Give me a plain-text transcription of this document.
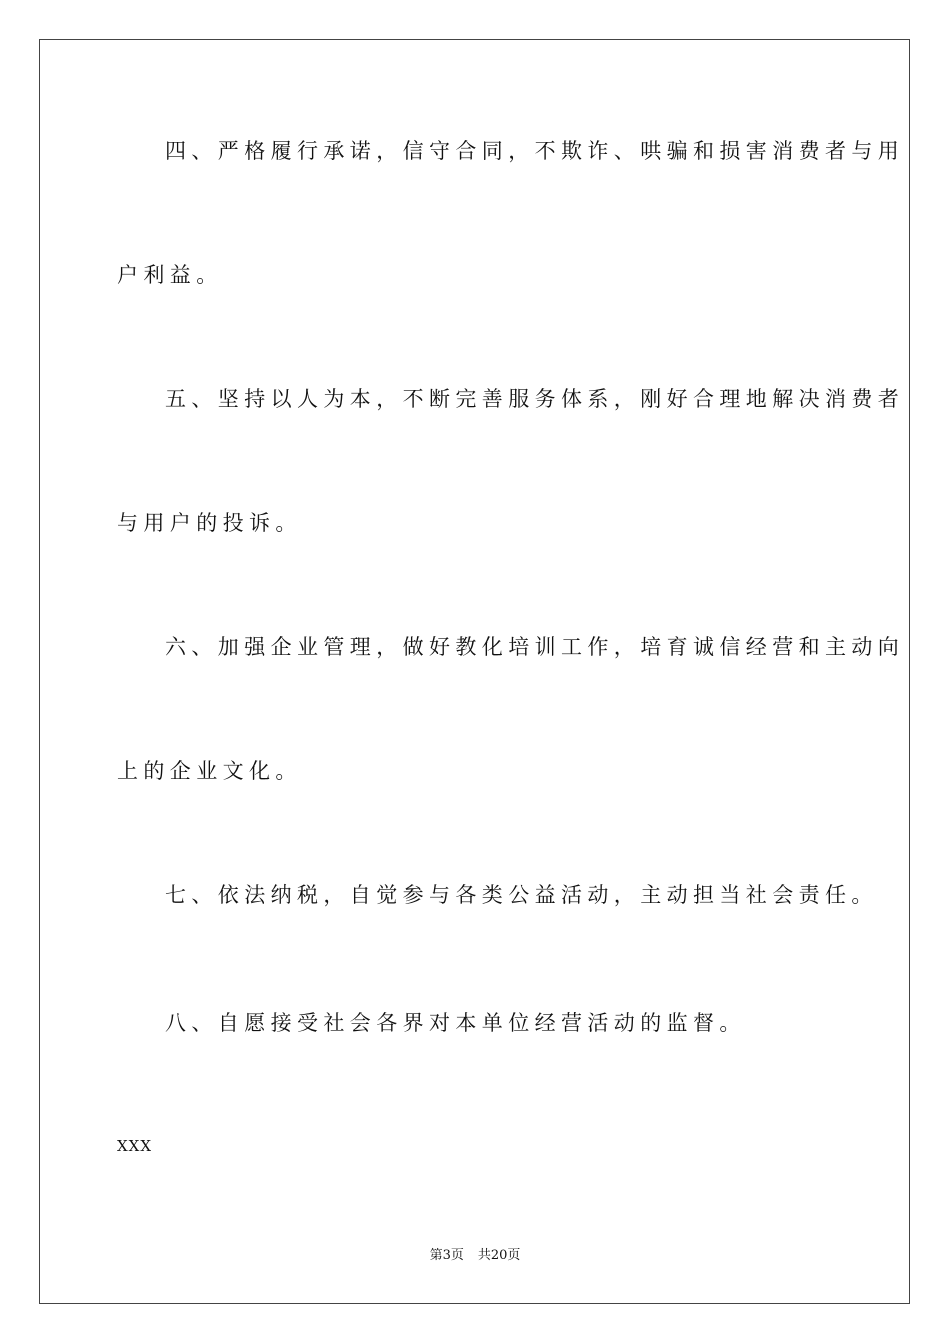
四、严格履行承诺，信守合同，不欺诈、哄骗和损害消费者与用
户利益。
五、坚持以人为本，不断完善服务体系，刚好合理地解决消费者
与用户的投诉。
六、加强企业管理，做好教化培训工作，培育诚信经营和主动向
上的企业文化。
七、依法纳税，自觉参与各类公益活动，主动担当社会责任。
八、自愿接受社会各界对本单位经营活动的监督。
XXX
第3页 共20页
